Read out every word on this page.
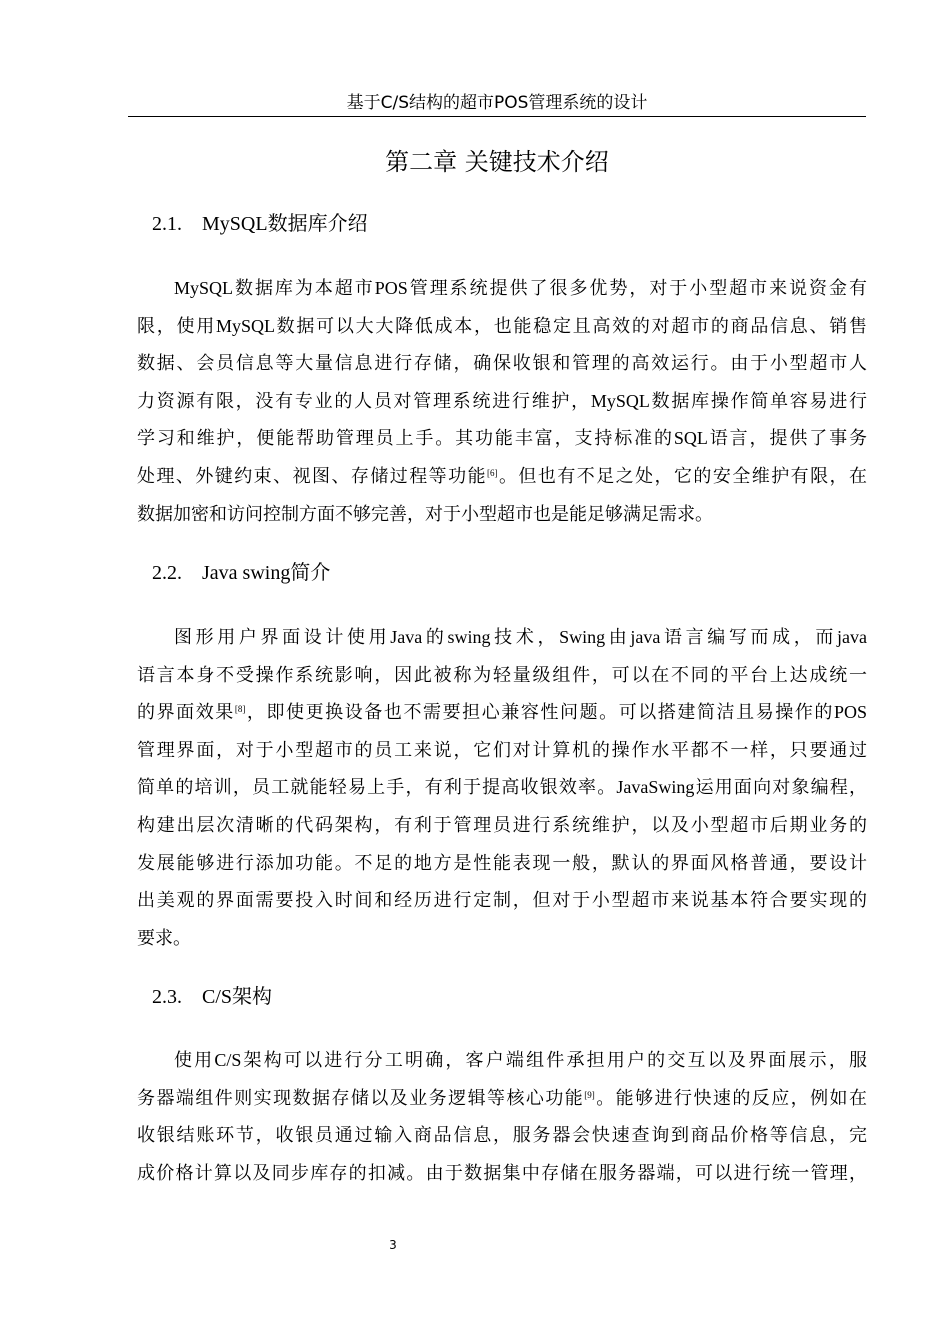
基于C/S结构的超市POS管理系统的设计
第二章 关键技术介绍
2.1. MySQL数据库介绍
MySQL数据库为本超市POS管理系统提供了很多优势，对于小型超市来说资金有
限，使用MySQL数据可以大大降低成本，也能稳定且高效的对超市的商品信息、销售
数据、会员信息等大量信息进行存储，确保收银和管理的高效运行。由于小型超市人
力资源有限，没有专业的人员对管理系统进行维护，MySQL数据库操作简单容易进行
学习和维护，便能帮助管理员上手。其功能丰富，支持标准的SQL语言，提供了事务
处理、外键约束、视图、存储过程等功能[6]。但也有不足之处，它的安全维护有限，在
数据加密和访问控制方面不够完善，对于小型超市也是能足够满足需求。
2.2. Java swing简介
图形用户界面设计使用Java的swing技术，Swing由java语言编写而成，而java
语言本身不受操作系统影响，因此被称为轻量级组件，可以在不同的平台上达成统一
的界面效果[8]，即使更换设备也不需要担心兼容性问题。可以搭建简洁且易操作的POS
管理界面，对于小型超市的员工来说，它们对计算机的操作水平都不一样，只要通过
简单的培训，员工就能轻易上手，有利于提高收银效率。JavaSwing运用面向对象编程，
构建出层次清晰的代码架构，有利于管理员进行系统维护，以及小型超市后期业务的
发展能够进行添加功能。不足的地方是性能表现一般，默认的界面风格普通，要设计
出美观的界面需要投入时间和经历进行定制，但对于小型超市来说基本符合要实现的
要求。
2.3. C/S架构
使用C/S架构可以进行分工明确，客户端组件承担用户的交互以及界面展示，服
务器端组件则实现数据存储以及业务逻辑等核心功能[9]。能够进行快速的反应，例如在
收银结账环节，收银员通过输入商品信息，服务器会快速查询到商品价格等信息，完
成价格计算以及同步库存的扣减。由于数据集中存储在服务器端，可以进行统一管理，
3
